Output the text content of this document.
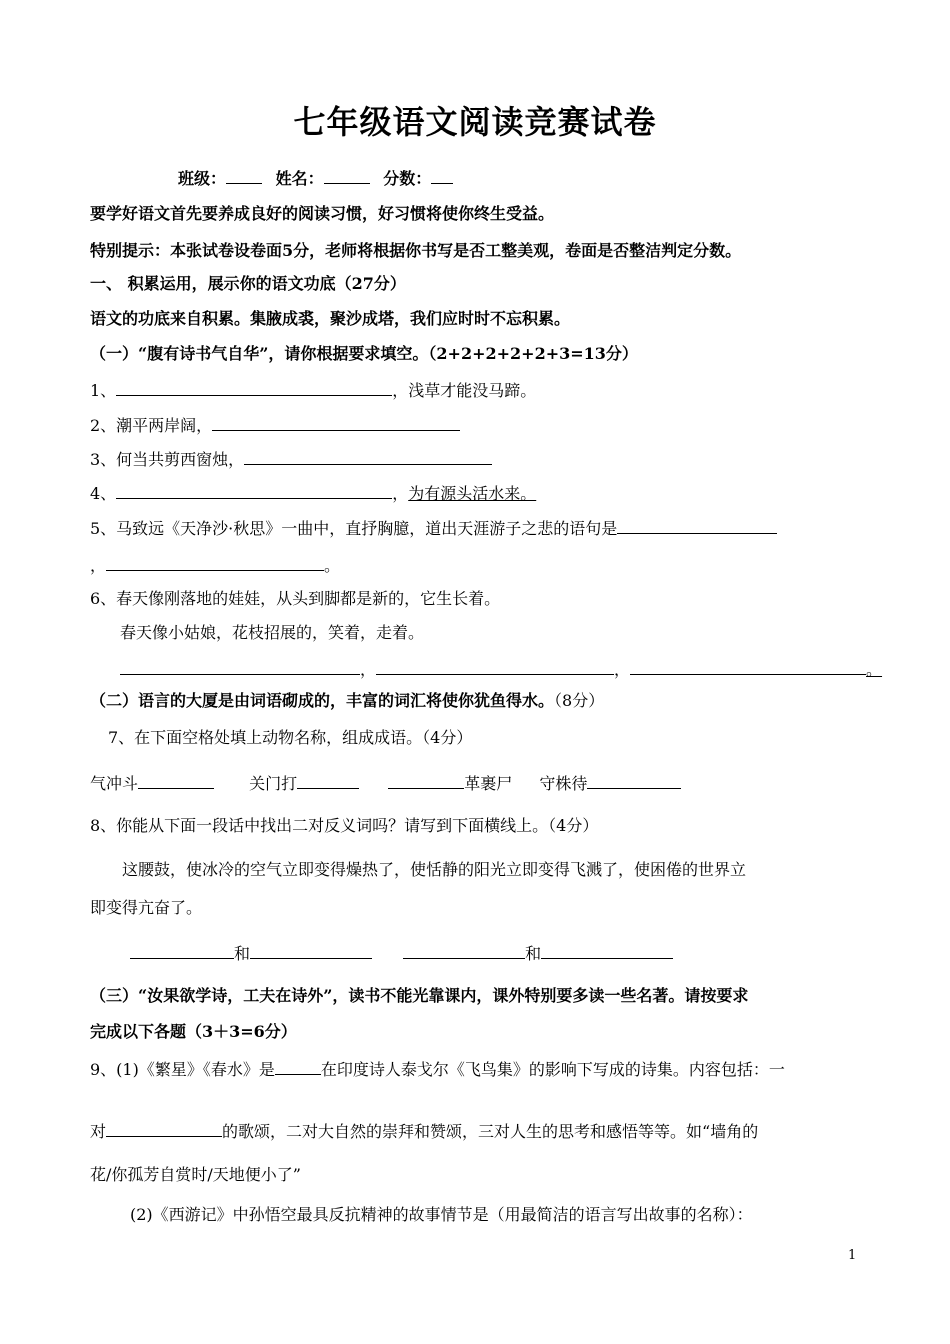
七年级语文阅读竞赛试卷
班级：	姓名：	分数：
要学好语文首先要养成良好的阅读习惯，好习惯将使你终生受益。
特别提示：本张试卷设卷面5分，老师将根据你书写是否工整美观，卷面是否整洁判定分数。
一、 积累运用，展示你的语文功底（27分）
语文的功底来自积累。集腋成裘，聚沙成塔，我们应时时不忘积累。
（一）“腹有诗书气自华”，请你根据要求填空。（2+2+2+2+2+3=13分）
1、	，浅草才能没马蹄。
2、潮平两岸阔，
3、何当共剪西窗烛，
4、	，为有源头活水来。
5、马致远《天净沙·秋思》一曲中，直抒胸臆，道出天涯游子之悲的语句是
，	。
6、春天像刚落地的娃娃，从头到脚都是新的，它生长着。
春天像小姑娘，花枝招展的，笑着，走着。
，	，	。
（二）语言的大厦是由词语砌成的，丰富的词汇将使你犹鱼得水。（8分）
7、在下面空格处填上动物名称，组成成语。（4分）
气冲斗	关门打	革裹尸 守株待
8、你能从下面一段话中找出二对反义词吗？请写到下面横线上。（4分）
这腰鼓，使冰冷的空气立即变得燥热了，使恬静的阳光立即变得飞溅了，使困倦的世界立
即变得亢奋了。
和	和
（三）“汝果欲学诗，工夫在诗外”，读书不能光靠课内，课外特别要多读一些名著。请按要求
完成以下各题（3＋3=6分）
9、(1)《繁星》《春水》是	在印度诗人泰戈尔《飞鸟集》的影响下写成的诗集。内容包括：一
对	的歌颂，二对大自然的崇拜和赞颂，三对人生的思考和感悟等等。如“墙角的
花/你孤芳自赏时/天地便小了”
(2)《西游记》中孙悟空最具反抗精神的故事情节是（用最简洁的语言写出故事的名称）：
1
